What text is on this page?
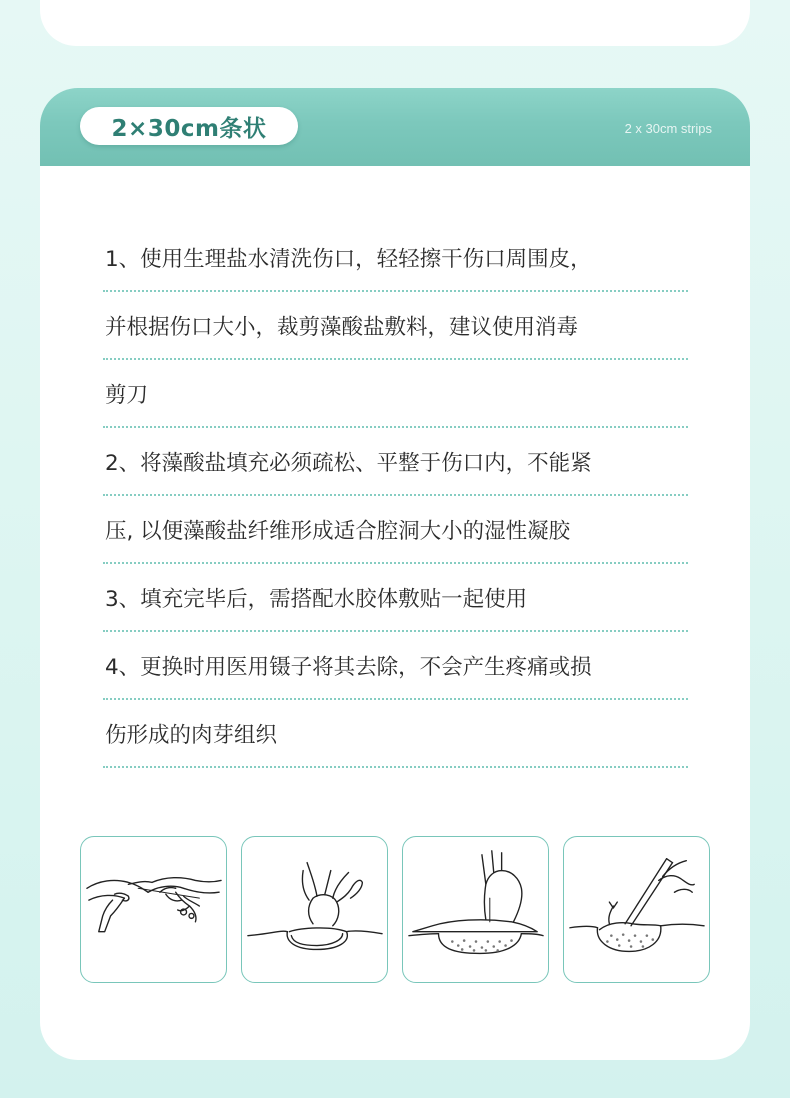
2×30cm条状	2 x 30cm strips
1、使用生理盐水清洗伤口，轻轻擦干伤口周围皮，
并根据伤口大小，裁剪藻酸盐敷料，建议使用消毒
剪刀
2、将藻酸盐填充必须疏松、平整于伤口内，不能紧
压, 以便藻酸盐纤维形成适合腔洞大小的湿性凝胶
3、填充完毕后，需搭配水胶体敷贴一起使用
4、更换时用医用镊子将其去除，不会产生疼痛或损
伤形成的肉芽组织
